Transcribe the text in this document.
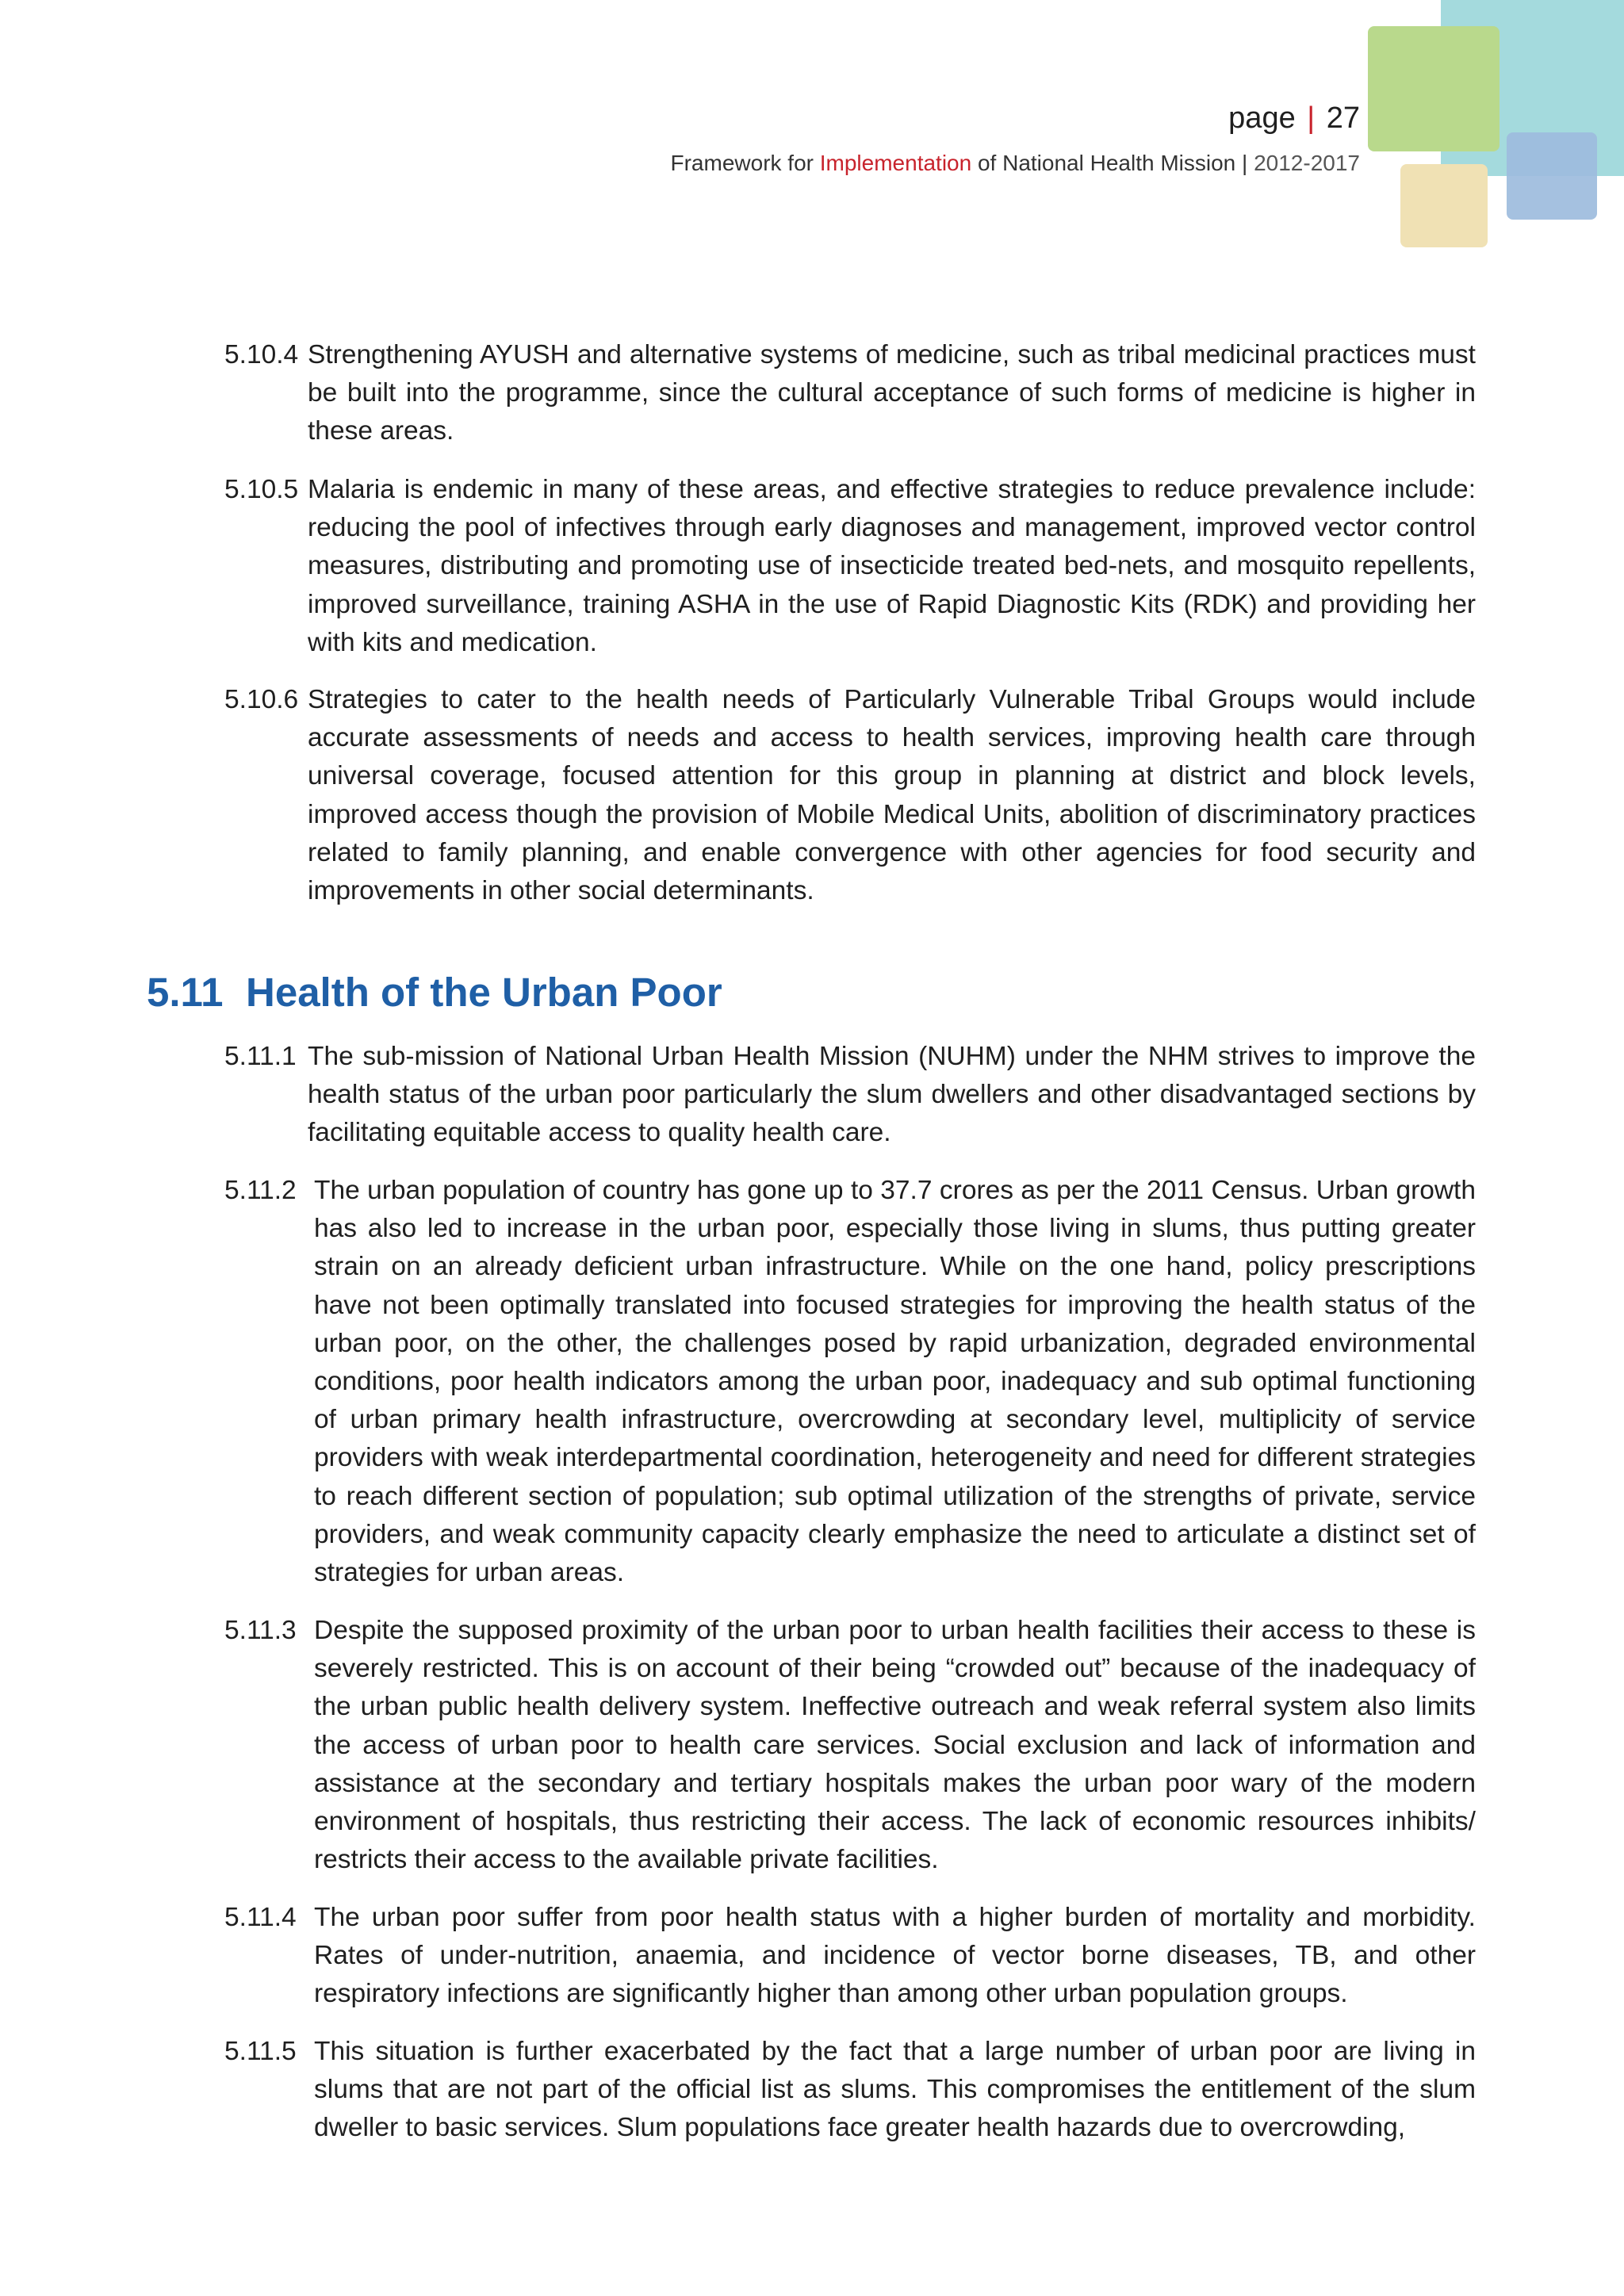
page | 27
Framework for Implementation of National Health Mission | 2012-2017
5.10.4 Strengthening AYUSH and alternative systems of medicine, such as tribal medicinal practices must be built into the programme, since the cultural acceptance of such forms of medicine is higher in these areas.
5.10.5 Malaria is endemic in many of these areas, and effective strategies to reduce prevalence include: reducing the pool of infectives through early diagnoses and management, improved vector control measures, distributing and promoting use of insecticide treated bed-nets, and mosquito repellents, improved surveillance, training ASHA in the use of Rapid Diagnostic Kits (RDK) and providing her with kits and medication.
5.10.6 Strategies to cater to the health needs of Particularly Vulnerable Tribal Groups would include accurate assessments of needs and access to health services, improving health care through universal coverage, focused attention for this group in planning at district and block levels, improved access though the provision of Mobile Medical Units, abolition of discriminatory practices related to family planning, and enable convergence with other agencies for food security and improvements in other social determinants.
5.11 Health of the Urban Poor
5.11.1 The sub-mission of National Urban Health Mission (NUHM) under the NHM strives to improve the health status of the urban poor particularly the slum dwellers and other disadvantaged sections by facilitating equitable access to quality health care.
5.11.2 The urban population of country has gone up to 37.7 crores as per the 2011 Census. Urban growth has also led to increase in the urban poor, especially those living in slums, thus putting greater strain on an already deficient urban infrastructure. While on the one hand, policy prescriptions have not been optimally translated into focused strategies for improving the health status of the urban poor, on the other, the challenges posed by rapid urbanization, degraded environmental conditions, poor health indicators among the urban poor, inadequacy and sub optimal functioning of urban primary health infrastructure, overcrowding at secondary level, multiplicity of service providers with weak interdepartmental coordination, heterogeneity and need for different strategies to reach different section of population; sub optimal utilization of the strengths of private, service providers, and weak community capacity clearly emphasize the need to articulate a distinct set of strategies for urban areas.
5.11.3 Despite the supposed proximity of the urban poor to urban health facilities their access to these is severely restricted. This is on account of their being “crowded out” because of the inadequacy of the urban public health delivery system. Ineffective outreach and weak referral system also limits the access of urban poor to health care services. Social exclusion and lack of information and assistance at the secondary and tertiary hospitals makes the urban poor wary of the modern environment of hospitals, thus restricting their access. The lack of economic resources inhibits/ restricts their access to the available private facilities.
5.11.4 The urban poor suffer from poor health status with a higher burden of mortality and morbidity. Rates of under-nutrition, anaemia, and incidence of vector borne diseases, TB, and other respiratory infections are significantly higher than among other urban population groups.
5.11.5 This situation is further exacerbated by the fact that a large number of urban poor are living in slums that are not part of the official list as slums. This compromises the entitlement of the slum dweller to basic services. Slum populations face greater health hazards due to overcrowding,
